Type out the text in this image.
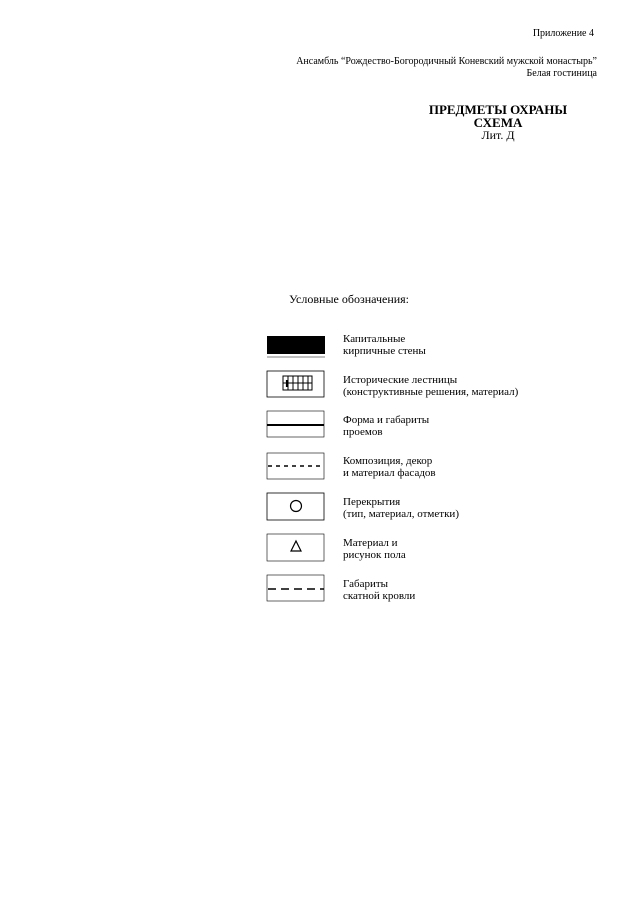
Приложение 4
Ансамбль “Рождество-Богородичный Коневский мужской монастырь”
Белая гостиница
ПРЕДМЕТЫ ОХРАНЫ
СХЕМА
Лит. Д
Условные обозначения:
Капитальные
кирпичные стены
Исторические лестницы
(конструктивные решения, материал)
Форма и габариты
проемов
Композиция, декор
и материал фасадов
Перекрытия
(тип, материал, отметки)
Материал и
рисунок пола
Габариты
скатной кровли
